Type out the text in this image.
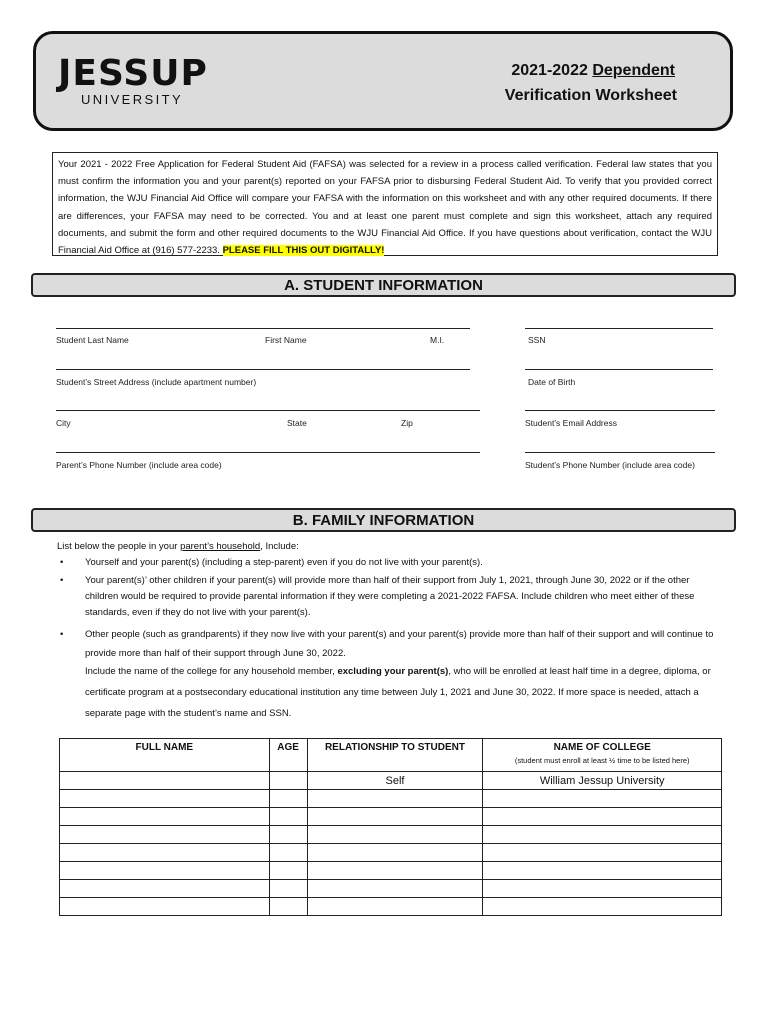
JESSUP
UNIVERSITY
2021-2022 Dependent
Verification Worksheet
Your 2021 - 2022 Free Application for Federal Student Aid (FAFSA) was selected for a review in a process called verification. Federal law states that you must confirm the information you and your parent(s) reported on your FAFSA prior to disbursing Federal Student Aid. To verify that you provided correct information, the WJU Financial Aid Office will compare your FAFSA with the information on this worksheet and with any other required documents. If there are differences, your FAFSA may need to be corrected. You and at least one parent must complete and sign this worksheet, attach any required documents, and submit the form and other required documents to the WJU Financial Aid Office. If you have questions about verification, contact the WJU Financial Aid Office at (916) 577-2233. PLEASE FILL THIS OUT DIGITALLY!
A. STUDENT INFORMATION
Student Last Name	First Name	M.I.	SSN
Student’s Street Address (include apartment number)	Date of Birth
City	State	Zip	Student’s Email Address
Parent’s Phone Number (include area code)	Student’s Phone Number (include area code)
B. FAMILY INFORMATION
List below the people in your parent’s household, Include:
• Yourself and your parent(s) (including a step-parent) even if you do not live with your parent(s).
• Your parent(s)’ other children if your parent(s) will provide more than half of their support from July 1, 2021, through June 30, 2022 or if the other children would be required to provide parental information if they were completing a 2021-2022 FAFSA. Include children who meet either of these standards, even if they do not live with your parent(s).
• Other people (such as grandparents) if they now live with your parent(s) and your parent(s) provide more than half of their support and will continue to provide more than half of their support through June 30, 2022.
Include the name of the college for any household member, excluding your parent(s), who will be enrolled at least half time in a degree, diploma, or certificate program at a postsecondary educational institution any time between July 1, 2021 and June 30, 2022. If more space is needed, attach a separate page with the student’s name and SSN.
FULL NAME	AGE	RELATIONSHIP TO STUDENT	NAME OF COLLEGE
(student must enroll at least ½ time to be listed here)

		Self	William Jessup University
